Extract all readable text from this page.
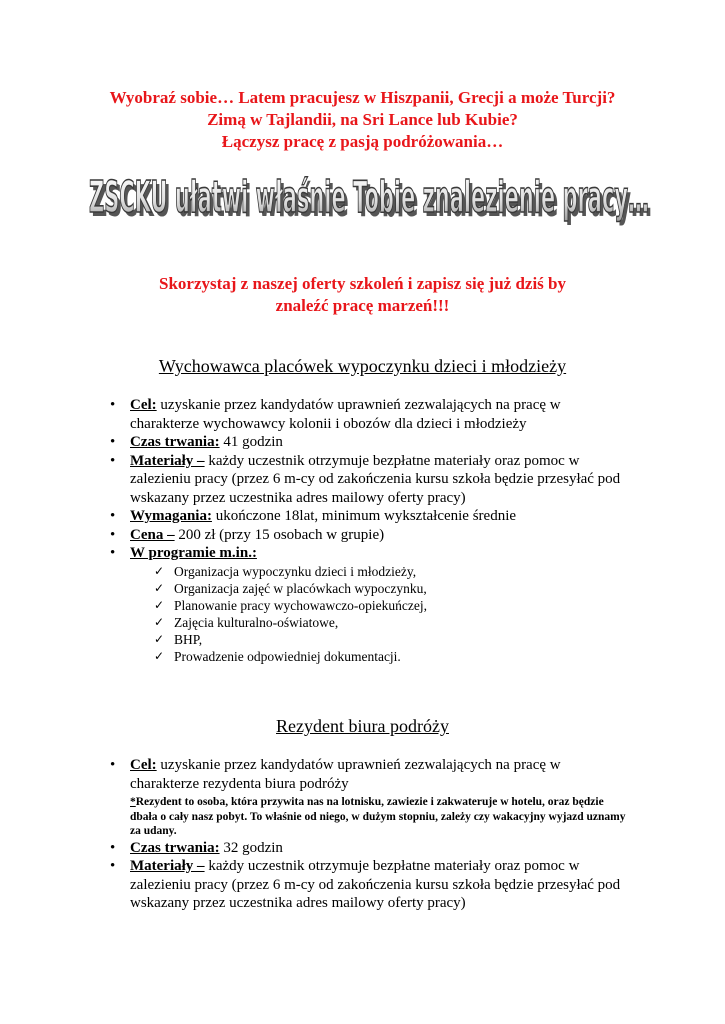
Wyobraź sobie… Latem pracujesz w Hiszpanii, Grecji a może Turcji?
Zimą w Tajlandii, na Sri Lance lub Kubie?
Łączysz pracę z pasją podróżowania…
ZSCKU ułatwi właśnie Tobie znalezienie pracy…
ZSCKU ułatwi właśnie Tobie znalezienie pracy…
Skorzystaj z naszej oferty szkoleń i zapisz się już dziś by
znaleźć pracę marzeń!!!
Wychowawca placówek wypoczynku dzieci i młodzieży
• Cel: uzyskanie przez kandydatów uprawnień zezwalających na pracę w charakterze wychowawcy kolonii i obozów dla dzieci i młodzieży
• Czas trwania: 41 godzin
• Materiały – każdy uczestnik otrzymuje bezpłatne materiały oraz pomoc w zalezieniu pracy (przez 6 m-cy od zakończenia kursu szkoła będzie przesyłać pod wskazany przez uczestnika adres mailowy oferty pracy)
• Wymagania: ukończone 18lat, minimum wykształcenie średnie
• Cena – 200 zł (przy 15 osobach w grupie)
• W programie m.in.:
✓ Organizacja wypoczynku dzieci i młodzieży,
✓ Organizacja zajęć w placówkach wypoczynku,
✓ Planowanie pracy wychowawczo-opiekuńczej,
✓ Zajęcia kulturalno-oświatowe,
✓ BHP,
✓ Prowadzenie odpowiedniej dokumentacji.
Rezydent biura podróży
• Cel: uzyskanie przez kandydatów uprawnień zezwalających na pracę w charakterze rezydenta biura podróży
*Rezydent to osoba, która przywita nas na lotnisku, zawiezie i zakwateruje w hotelu, oraz będzie dbała o cały nasz pobyt. To właśnie od niego, w dużym stopniu, zależy czy wakacyjny wyjazd uznamy za udany.
• Czas trwania: 32 godzin
• Materiały – każdy uczestnik otrzymuje bezpłatne materiały oraz pomoc w zalezieniu pracy (przez 6 m-cy od zakończenia kursu szkoła będzie przesyłać pod wskazany przez uczestnika adres mailowy oferty pracy)
